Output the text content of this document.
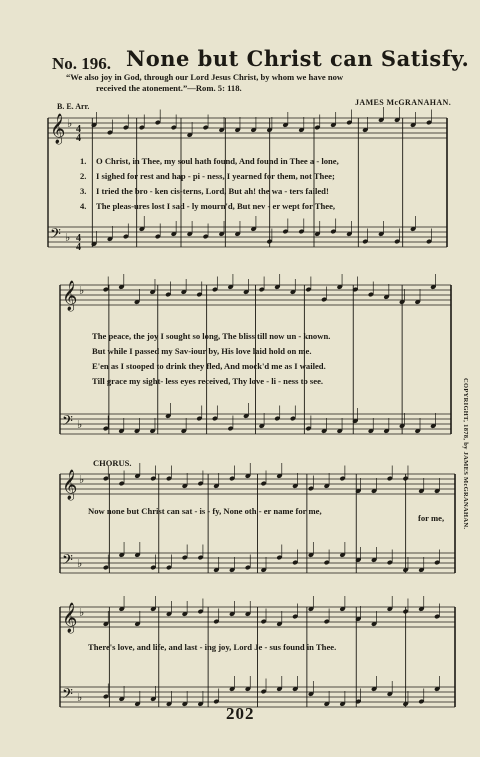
𝄞 ♭
𝄢 ♭
𝄞 ♭
𝄢 ♭
𝄞 ♭
𝄢 ♭
𝄞 ♭
𝄢 ♭
4
4
4
4
No. 196. None but Christ can Satisfy.
“We also joy in God, through our Lord Jesus Christ, by whom we have now
received the atonement.”—Rom. 5: 118.
B. E. Arr.	JAMES McGRANAHAN.
1. O Christ, in Thee, my soul hath found, And found in Thee a - lone,
2. I sighed for rest and hap - pi - ness, I yearned for them, not Thee;
3. I tried the bro - ken cis-terns, Lord, But ah! the wa - ters failed!
4. The pleas-ures lost I sad - ly mourn'd, But nev - er wept for Thee,
The peace, the joy I sought so long, The bliss till now un - known.
But while I passed my Sav-iour by, His love laid hold on me.
E'en as I stooped to drink they fled, And mock'd me as I wailed.
Till grace my sight- less eyes received, Thy love - li - ness to see.
CHORUS.
Now none but Christ can sat - is - fy, None oth - er name for me,
for me,
There's love, and life, and last - ing joy, Lord Je - sus found in Thee.
COPYRIGHT, 1878, by JAMES McGRANAHAN.
202
